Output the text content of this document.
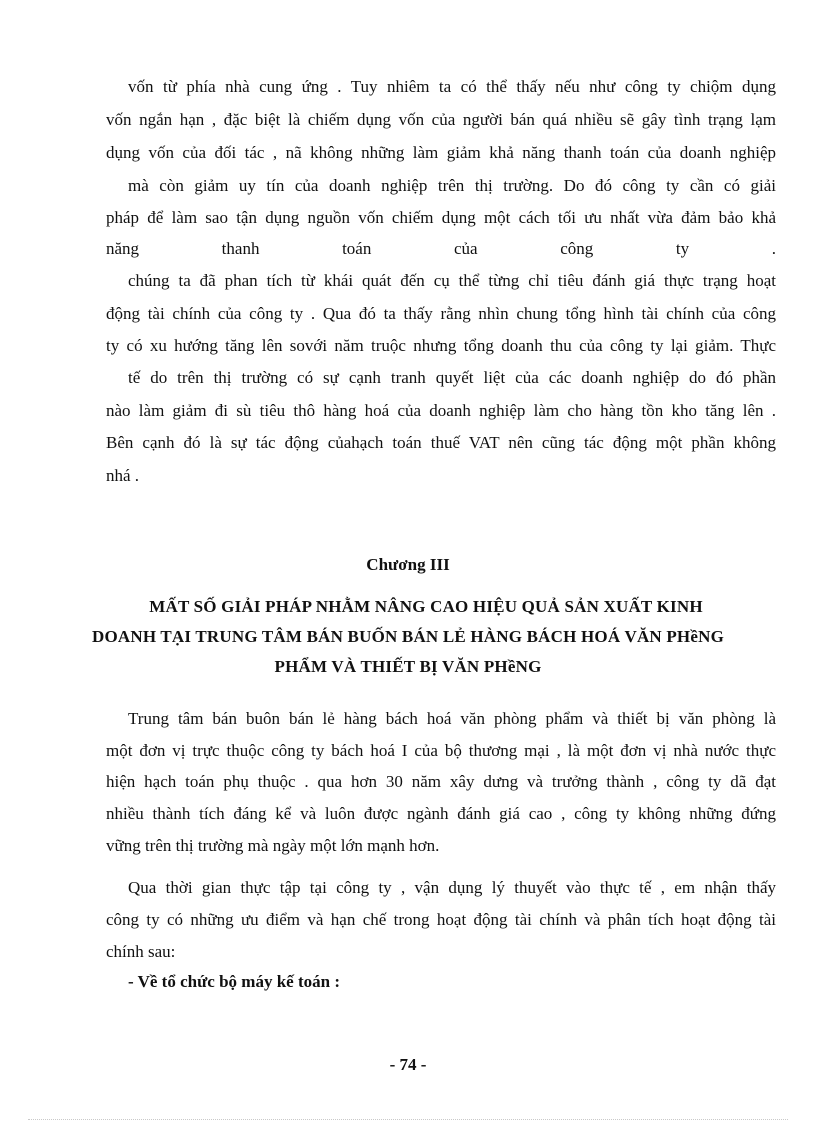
vốn từ phía nhà cung ứng . Tuy nhiêm ta có thể thấy nếu như công ty chiộm dụng
vốn ngắn hạn , đặc biệt là chiếm dụng vốn của người bán quá nhiều sẽ gây tình trạng lạm
dụng vốn của đối tác , nã không những làm giảm khả năng thanh toán của doanh nghiệp
mà còn giảm uy tín của doanh nghiệp trên thị trường. Do đó công ty cần có giải
pháp để làm sao tận dụng nguồn vốn chiếm dụng một cách tối ưu nhất vừa đảm bảo khả
năng thanh toán của công ty .
chúng ta đã phan tích từ khái quát đến cụ thể từng chỉ tiêu đánh giá thực trạng hoạt
động tài chính của công ty . Qua đó ta thấy rằng nhìn chung tổng hình tài chính của công
ty có xu hướng tăng lên sovới năm truộc nhưng tổng doanh thu của công ty lại giảm. Thực
tế do trên thị trường có sự cạnh tranh quyết liệt của các doanh nghiệp do đó phần
nào làm giảm đi sù tiêu thô hàng hoá của doanh nghiệp làm cho hàng tồn kho tăng lên .
Bên cạnh đó là sự tác động củahạch toán thuế VAT nên cũng tác động một phần không
nhá .
Chương III
MẤT SỐ GIẢI PHÁP NHẰM NÂNG CAO HIỆU QUẢ SẢN XUẤT KINH
DOANH TẠI TRUNG TÂM BÁN BUỐN BÁN LẺ HÀNG BÁCH HOÁ VĂN PHềNG
PHẨM VÀ THIẾT BỊ VĂN PHềNG
Trung tâm bán buôn bán lẻ hàng bách hoá văn phòng phẩm và thiết bị văn phòng là
một đơn vị trực thuộc công ty bách hoá I của bộ thương mại , là một đơn vị nhà nước thực
hiện hạch toán phụ thuộc . qua hơn 30 năm xây dưng và trưởng thành , công ty dã đạt
nhiều thành tích đáng kể và luôn được ngành đánh giá cao , công ty không những đứng
vững trên thị trường mà ngày một lớn mạnh hơn.
Qua thời gian thực tập tại công ty , vận dụng lý thuyết vào thực tế , em nhận thấy
công ty có những ưu điểm và hạn chế trong hoạt động tài chính và phân tích hoạt động tài
chính sau:
- Về tổ chức bộ máy kế toán :
- 74 -
